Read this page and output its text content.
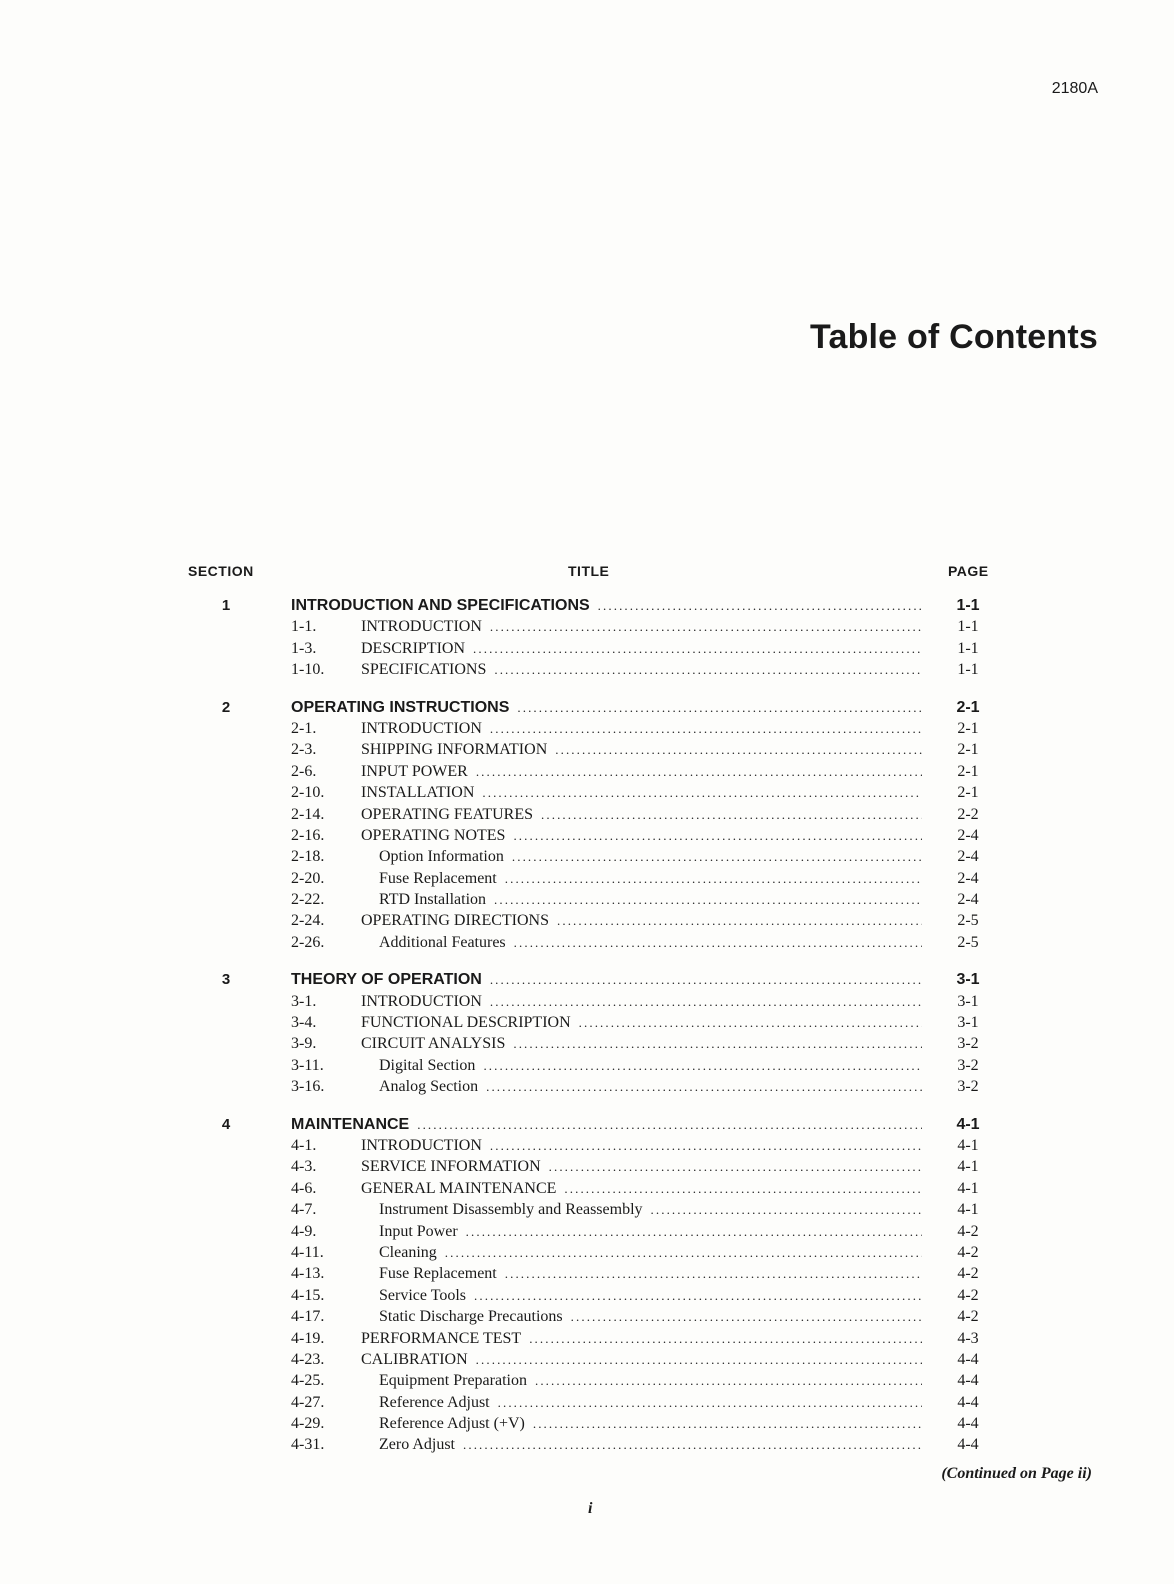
2180A
Table of Contents
SECTION	TITLE	PAGE
1	INTRODUCTION AND SPECIFICATIONS .....	1-1
1-1.	INTRODUCTION .....	1-1
1-3.	DESCRIPTION .....	1-1
1-10. SPECIFICATIONS .....	1-1
2	OPERATING INSTRUCTIONS .....	2-1
2-1.	INTRODUCTION .....	2-1
2-3.	SHIPPING INFORMATION .....	2-1
2-6.	INPUT POWER .....	2-1
2-10. INSTALLATION .....	2-1
2-14. OPERATING FEATURES .....	2-2
2-16. OPERATING NOTES .....	2-4
2-18.	Option Information .....	2-4
2-20.	Fuse Replacement .....	2-4
2-22.	RTD Installation .....	2-4
2-24. OPERATING DIRECTIONS .....	2-5
2-26.	Additional Features .....	2-5
3	THEORY OF OPERATION .....	3-1
3-1.	INTRODUCTION .....	3-1
3-4.	FUNCTIONAL DESCRIPTION .....	3-1
3-9.	CIRCUIT ANALYSIS .....	3-2
3-11.	Digital Section .....	3-2
3-16.	Analog Section .....	3-2
4	MAINTENANCE .....	4-1
4-1.	INTRODUCTION .....	4-1
4-3.	SERVICE INFORMATION .....	4-1
4-6.	GENERAL MAINTENANCE .....	4-1
4-7.	Instrument Disassembly and Reassembly .....	4-1
4-9.	Input Power .....	4-2
4-11.	Cleaning .....	4-2
4-13.	Fuse Replacement .....	4-2
4-15.	Service Tools .....	4-2
4-17.	Static Discharge Precautions .....	4-2
4-19. PERFORMANCE TEST .....	4-3
4-23. CALIBRATION .....	4-4
4-25.	Equipment Preparation .....	4-4
4-27.	Reference Adjust .....	4-4
4-29.	Reference Adjust (+V) .....	4-4
4-31.	Zero Adjust .....	4-4
(Continued on Page ii)
i
